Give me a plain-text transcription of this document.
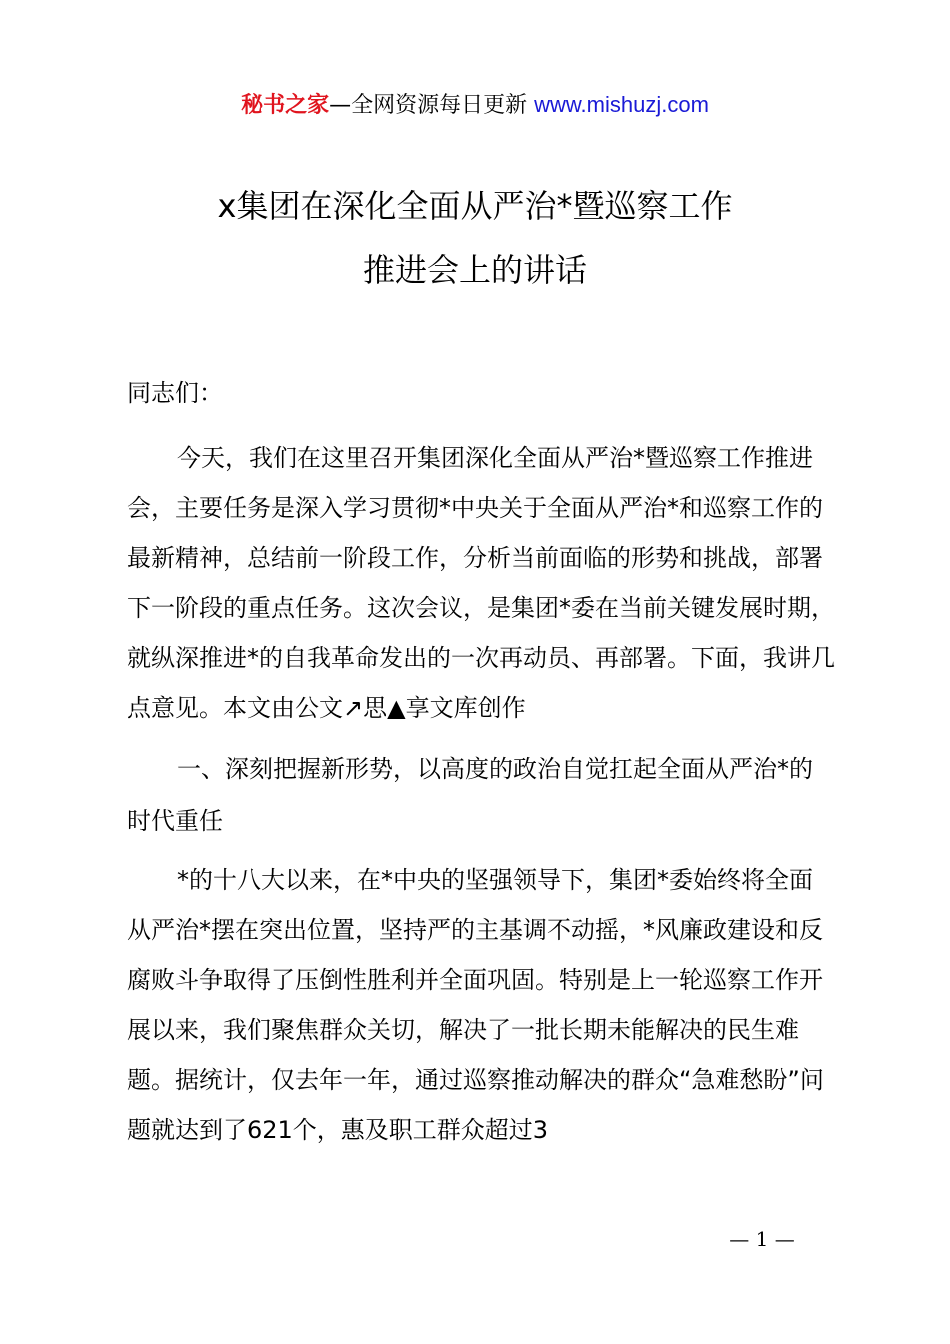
秘书之家—全网资源每日更新 www.mishuzj.com
x集团在深化全面从严治*暨巡察工作
推进会上的讲话

同志们：

今天，我们在这里召开集团深化全面从严治*暨巡察工作推进会，主要任务是深入学习贯彻*中央关于全面从严治*和巡察工作的最新精神，总结前一阶段工作，分析当前面临的形势和挑战，部署下一阶段的重点任务。这次会议，是集团*委在当前关键发展时期，就纵深推进*的自我革命发出的一次再动员、再部署。下面，我讲几点意见。本文由公文↗思▲享文库创作

一、深刻把握新形势，以高度的政治自觉扛起全面从严治*的时代重任

*的十八大以来，在*中央的坚强领导下，集团*委始终将全面从严治*摆在突出位置，坚持严的主基调不动摇，*风廉政建设和反腐败斗争取得了压倒性胜利并全面巩固。特别是上一轮巡察工作开展以来，我们聚焦群众关切，解决了一批长期未能解决的民生难题。据统计，仅去年一年，通过巡察推动解决的群众“急难愁盼”问题就达到了621个，惠及职工群众超过3

— 1 —
